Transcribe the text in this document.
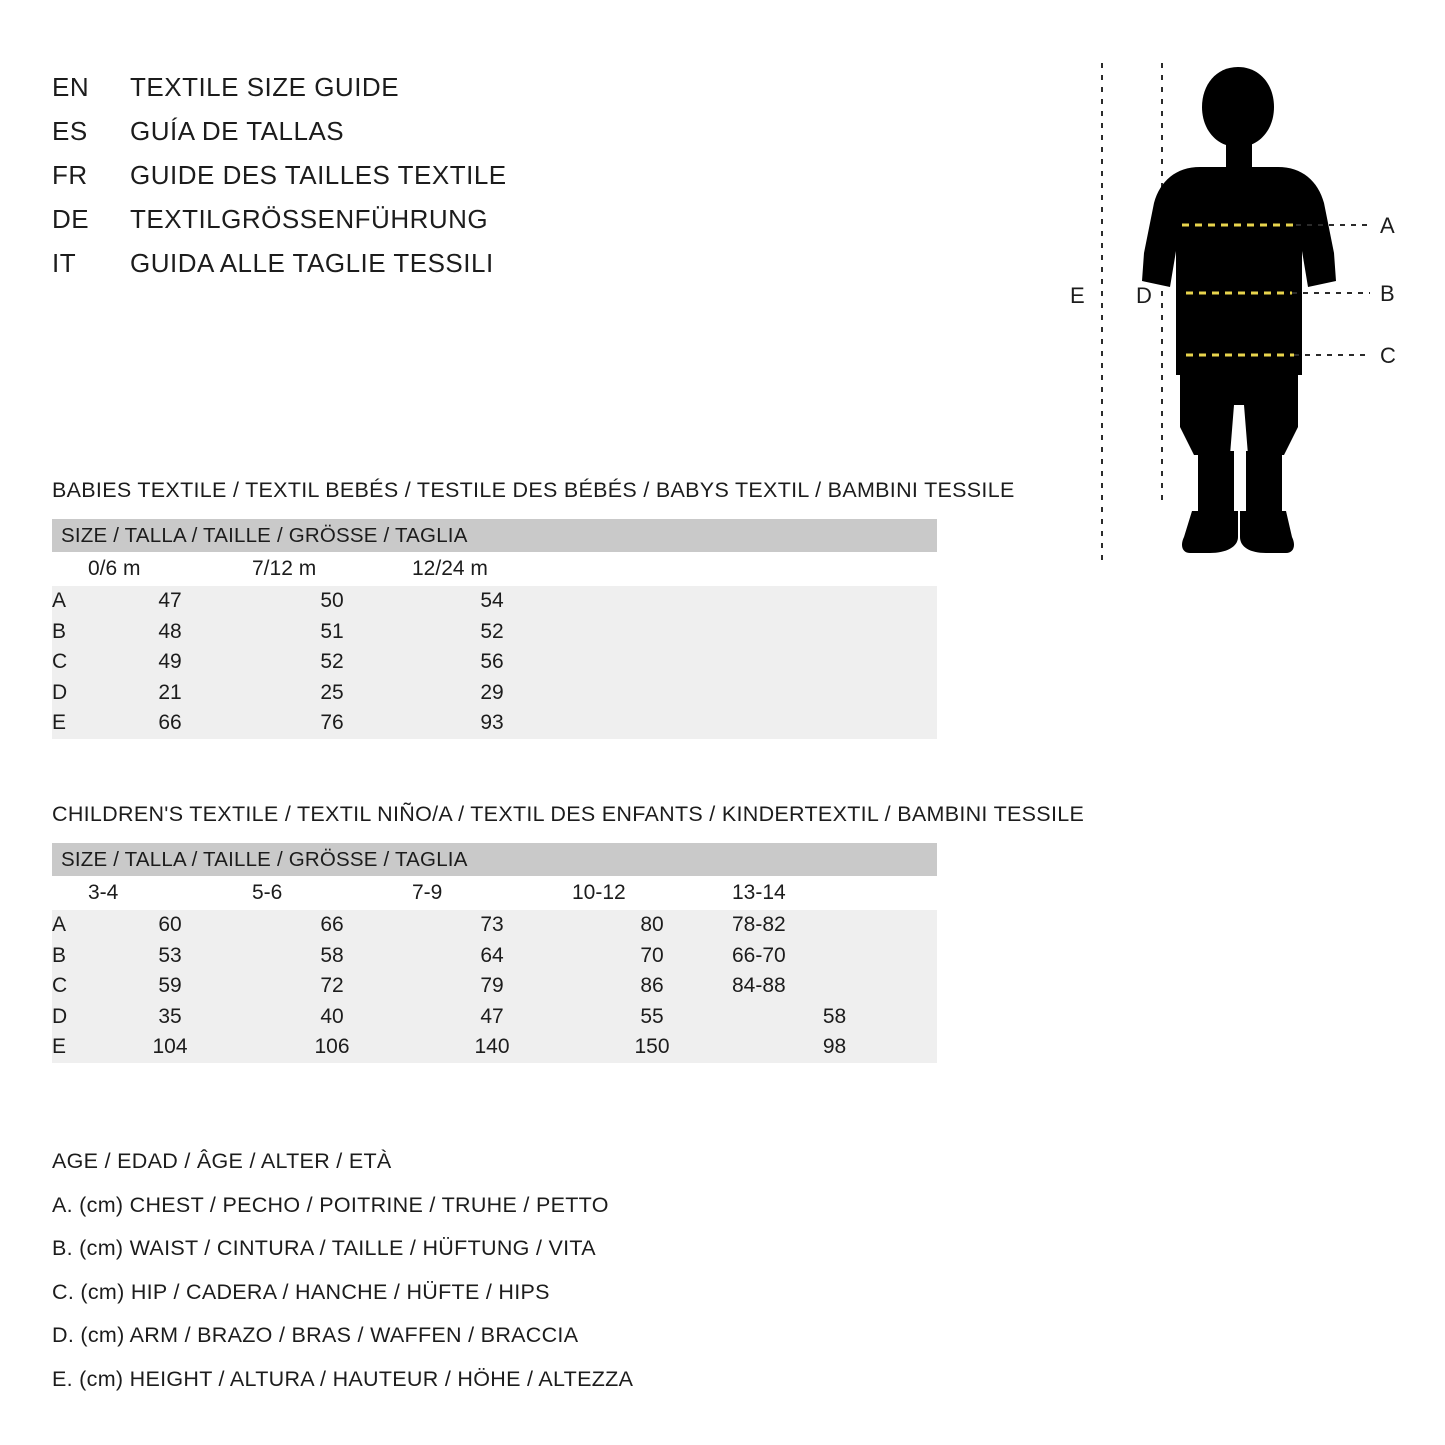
EN	TEXTILE SIZE GUIDE
ES	GUÍA DE TALLAS
FR	GUIDE DES TAILLES TEXTILE
DE	TEXTILGRÖSSENFÜHRUNG
IT	GUIDA ALLE TAGLIE TESSILI
A
B
C
D
E
BABIES TEXTILE / TEXTIL BEBÉS / TESTILE DES BÉBÉS / BABYS TEXTIL / BAMBINI TESSILE
SIZE / TALLA / TAILLE / GRÖSSE / TAGLIA				
	0/6 m	7/12 m	12/24 m	
A	47	50	54	
B	48	51	52	
C	49	52	56	
D	21	25	29	
E	66	76	93	
CHILDREN'S TEXTILE / TEXTIL NIÑO/A / TEXTIL DES ENFANTS / KINDERTEXTIL / BAMBINI TESSILE
SIZE / TALLA / TAILLE / GRÖSSE / TAGLIA					
	3-4	5-6	7-9	10-12	13-14
A	60	66	73	80	78-82
B	53	58	64	70	66-70
C	59	72	79	86	84-88
D	35	40	47	55	58
E	104	106	140	150	98
AGE / EDAD / ÂGE / ALTER / ETÀ
A. (cm) CHEST / PECHO / POITRINE / TRUHE / PETTO
B. (cm) WAIST / CINTURA / TAILLE / HÜFTUNG / VITA
C. (cm) HIP / CADERA / HANCHE / HÜFTE / HIPS
D. (cm) ARM / BRAZO / BRAS / WAFFEN / BRACCIA
E. (cm) HEIGHT / ALTURA / HAUTEUR / HÖHE / ALTEZZA
